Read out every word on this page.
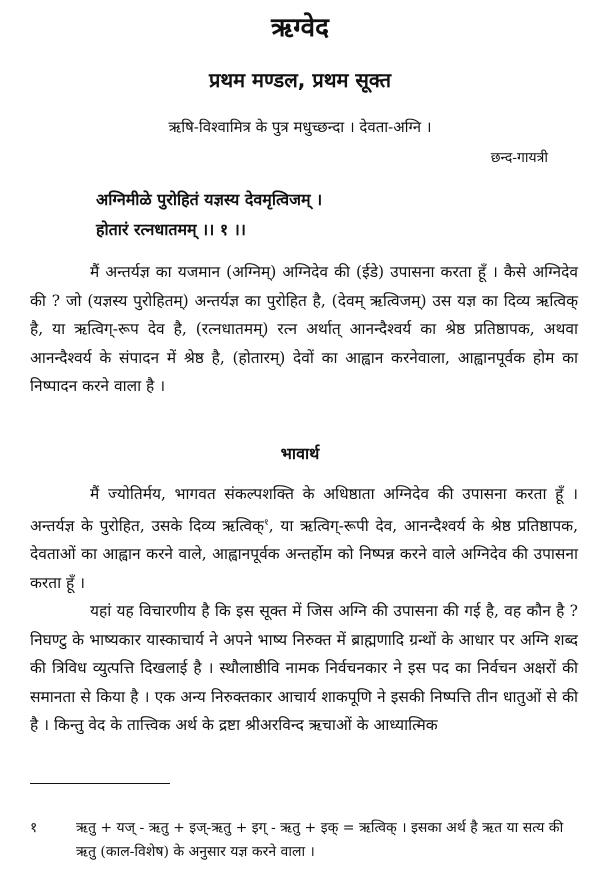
ऋग्वेद
प्रथम मण्डल, प्रथम सूक्त
ऋषि-विश्वामित्र के पुत्र मधुच्छन्दा । देवता-अग्नि ।
छन्द-गायत्री
अग्निमीळे पुरोहितं यज्ञस्य देवमृत्विजम् ।
होतारं रत्नधातमम् ।। १ ।।

मैं अन्तर्यज्ञ का यजमान (अग्निम्) अग्निदेव की (ईडे) उपासना करता हूँ । कैसे अग्निदेव की ? जो (यज्ञस्य पुरोहितम्) अन्तर्यज्ञ का पुरोहित है, (देवम् ऋत्विजम्) उस यज्ञ का दिव्य ऋत्विक् है, या ऋत्विग्-रूप देव है, (रत्नधातमम्) रत्न अर्थात् आनन्दैश्वर्य का श्रेष्ठ प्रतिष्ठापक, अथवा आनन्दैश्वर्य के संपादन में श्रेष्ठ है, (होतारम्) देवों का आह्वान करनेवाला, आह्वानपूर्वक होम का निष्पादन करने वाला है ।

भावार्थ

मैं ज्योतिर्मय, भागवत संकल्पशक्ति के अधिष्ठाता अग्निदेव की उपासना करता हूँ । अन्तर्यज्ञ के पुरोहित, उसके दिव्य ऋत्विक्$^१$, या ऋत्विग्-रूपी देव, आनन्दैश्वर्य के श्रेष्ठ प्रतिष्ठापक, देवताओं का आह्वान करने वाले, आह्वानपूर्वक अन्तर्होम को निष्पन्न करने वाले अग्निदेव की उपासना करता हूँ ।

यहां यह विचारणीय है कि इस सूक्त में जिस अग्नि की उपासना की गई है, वह कौन है ? निघण्टु के भाष्यकार यास्काचार्य ने अपने भाष्य निरुक्त में ब्राह्मणादि ग्रन्थों के आधार पर अग्नि शब्द की त्रिविध व्युत्पत्ति दिखलाई है । स्थौलाष्ठीवि नामक निर्वचनकार ने इस पद का निर्वचन अक्षरों की समानता से किया है । एक अन्य निरुक्तकार आचार्य शाकपूणि ने इसकी निष्पत्ति तीन धातुओं से की है । किन्तु वेद के तात्त्विक अर्थ के द्रष्टा श्रीअरविन्द ऋचाओं के आध्यात्मिक

१	ऋतु + यज् - ऋतु + इज्-ऋतु + इग् - ऋतु + इक् = ऋत्विक् । इसका अर्थ है ऋत या सत्य की ऋतु (काल-विशेष) के अनुसार यज्ञ करने वाला ।
